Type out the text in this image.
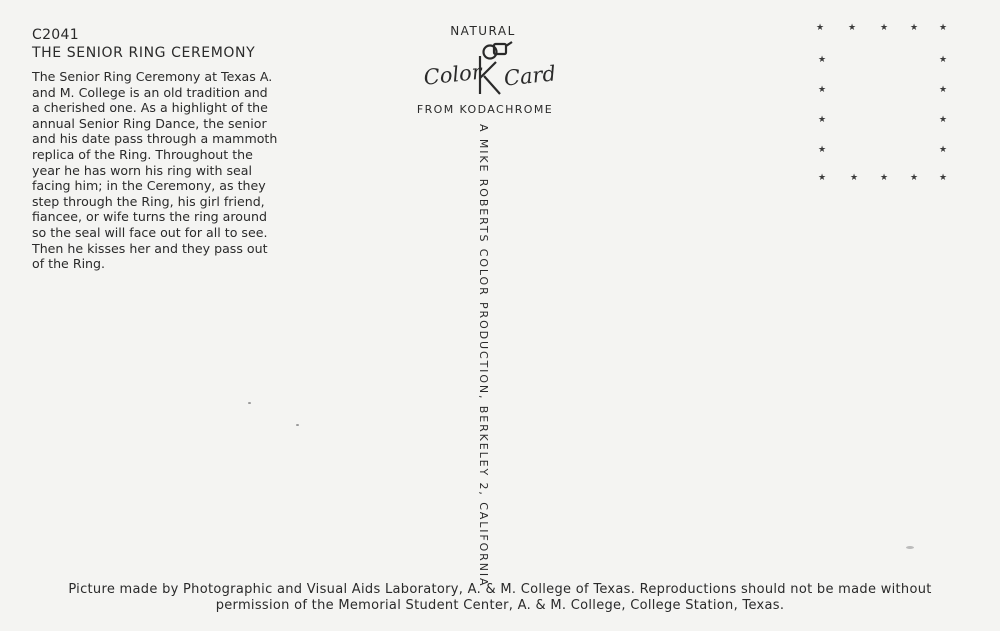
C2041
THE SENIOR RING CEREMONY
The Senior Ring Ceremony at Texas A.
and M. College is an old tradition and
a cherished one. As a highlight of the
annual Senior Ring Dance, the senior
and his date pass through a mammoth
replica of the Ring. Throughout the
year he has worn his ring with seal
facing him; in the Ceremony, as they
step through the Ring, his girl friend,
fiancee, or wife turns the ring around
so the seal will face out for all to see.
Then he kisses her and they pass out
of the Ring.
NATURAL
Color Card
FROM KODACHROME
A MIKE ROBERTS COLOR PRODUCTION, BERKELEY 2, CALIFORNIA
★	★	★ ★ ★
★
★
★
★
★
★
★
★
★	★ ★ ★ ★
Picture made by Photographic and Visual Aids Laboratory, A. & M. College of Texas. Reproductions should not be made without
permission of the Memorial Student Center, A. & M. College, College Station, Texas.
